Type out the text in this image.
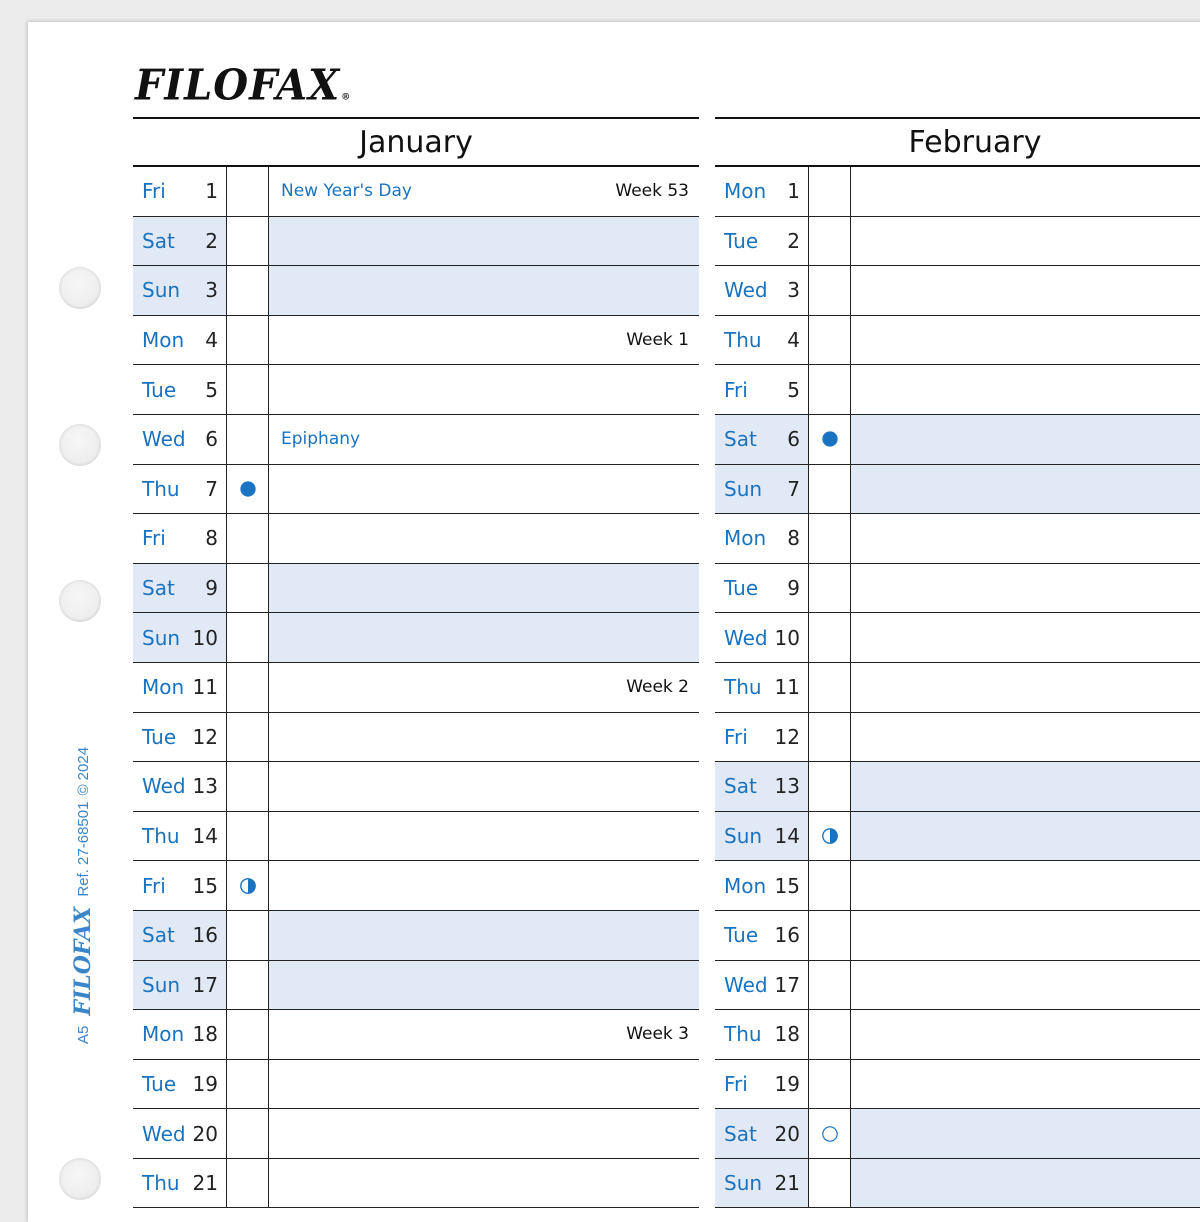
FILOFAX®
A5
FILOFAX
Ref. 27-68501
© 2024
January
Fri 1	New Year's Day	Week 53
Sat 2
Sun 3
Mon 4	Week 1
Tue 5
Wed 6	Epiphany
Thu 7
Fri 8
Sat 9
Sun 10
Mon 11	Week 2
Tue 12
Wed 13
Thu 14
Fri 15
Sat 16
Sun 17
Mon 18	Week 3
Tue 19
Wed 20
Thu 21
February
Mon 1
Tue 2
Wed 3
Thu 4
Fri 5
Sat 6
Sun 7
Mon 8
Tue 9
Wed 10
Thu 11
Fri 12
Sat 13
Sun 14
Mon 15
Tue 16
Wed 17
Thu 18
Fri 19
Sat 20
Sun 21
